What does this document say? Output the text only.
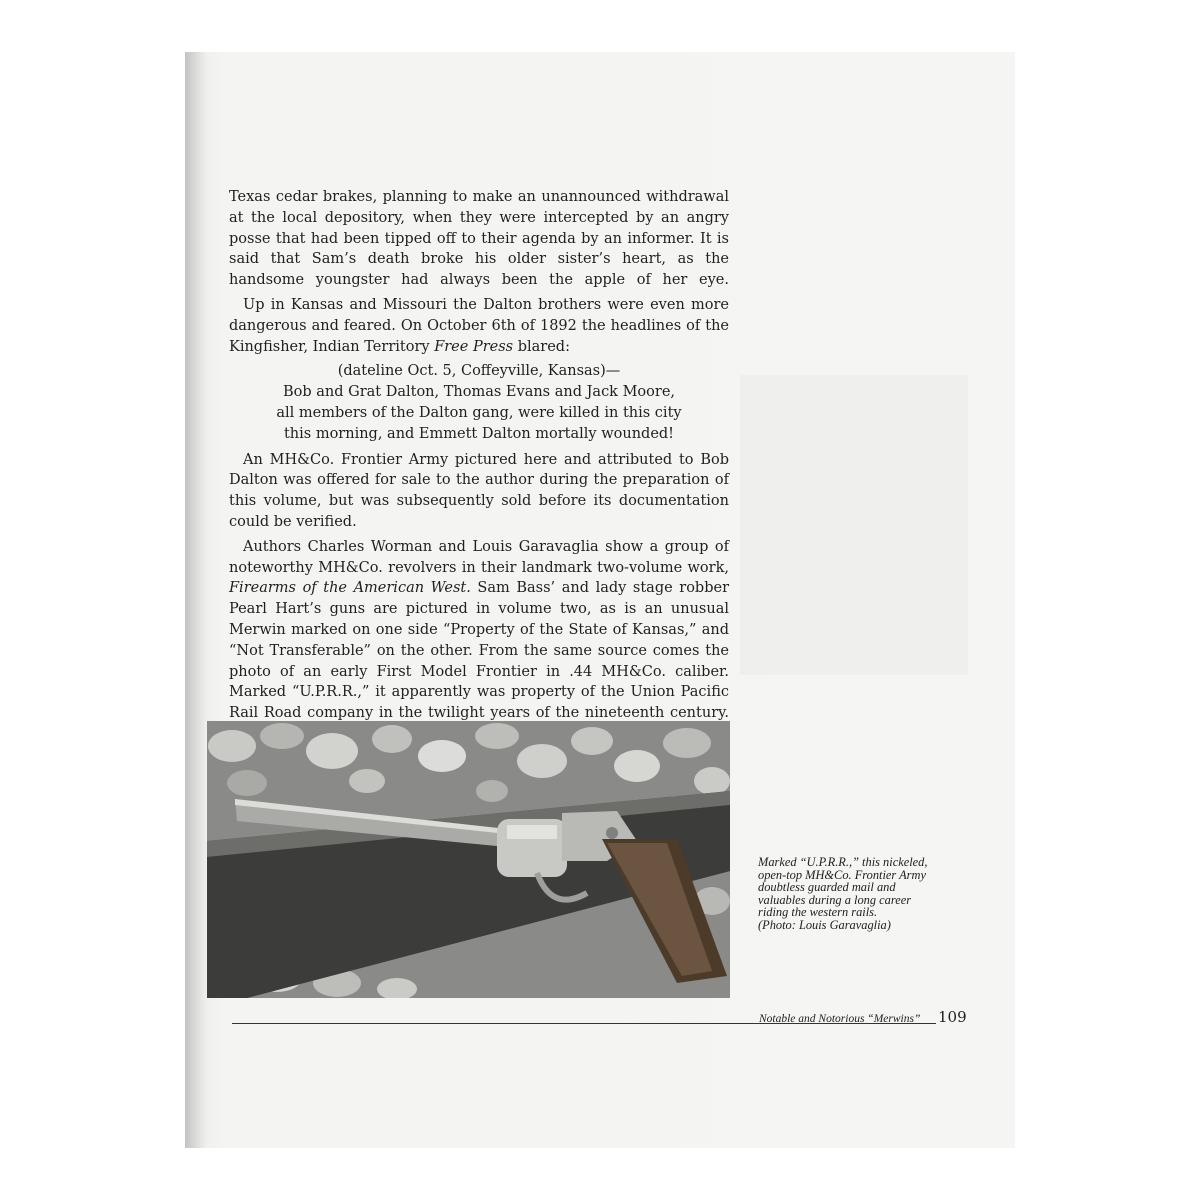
Texas cedar brakes, planning to make an unannounced withdrawal at the local depository, when they were intercepted by an angry posse that had been tipped off to their agenda by an informer. It is said that Sam’s death broke his older sister’s heart, as the handsome youngster had always been the apple of her eye.

Up in Kansas and Missouri the Dalton brothers were even more dangerous and feared. On October 6th of 1892 the headlines of the Kingfisher, Indian Territory Free Press blared:

(dateline Oct. 5, Coffeyville, Kansas)—
Bob and Grat Dalton, Thomas Evans and Jack Moore,
all members of the Dalton gang, were killed in this city
this morning, and Emmett Dalton mortally wounded!

An MH&Co. Frontier Army pictured here and attributed to Bob Dalton was offered for sale to the author during the preparation of this volume, but was subsequently sold before its documentation could be verified.

Authors Charles Worman and Louis Garavaglia show a group of noteworthy MH&Co. revolvers in their landmark two-volume work, Firearms of the American West. Sam Bass’ and lady stage robber Pearl Hart’s guns are pictured in volume two, as is an unusual Merwin marked on one side “Property of the State of Kansas,” and “Not Transferable” on the other. From the same source comes the photo of an early First Model Frontier in .44 MH&Co. caliber. Marked “U.P.R.R.,” it apparently was property of the Union Pacific Rail Road company in the twilight years of the nineteenth century.

Marked “U.P.R.R.,” this nickeled,
open-top MH&Co. Frontier Army
doubtless guarded mail and
valuables during a long career
riding the western rails.
(Photo: Louis Garavaglia)
Notable and Notorious “Merwins” 109
